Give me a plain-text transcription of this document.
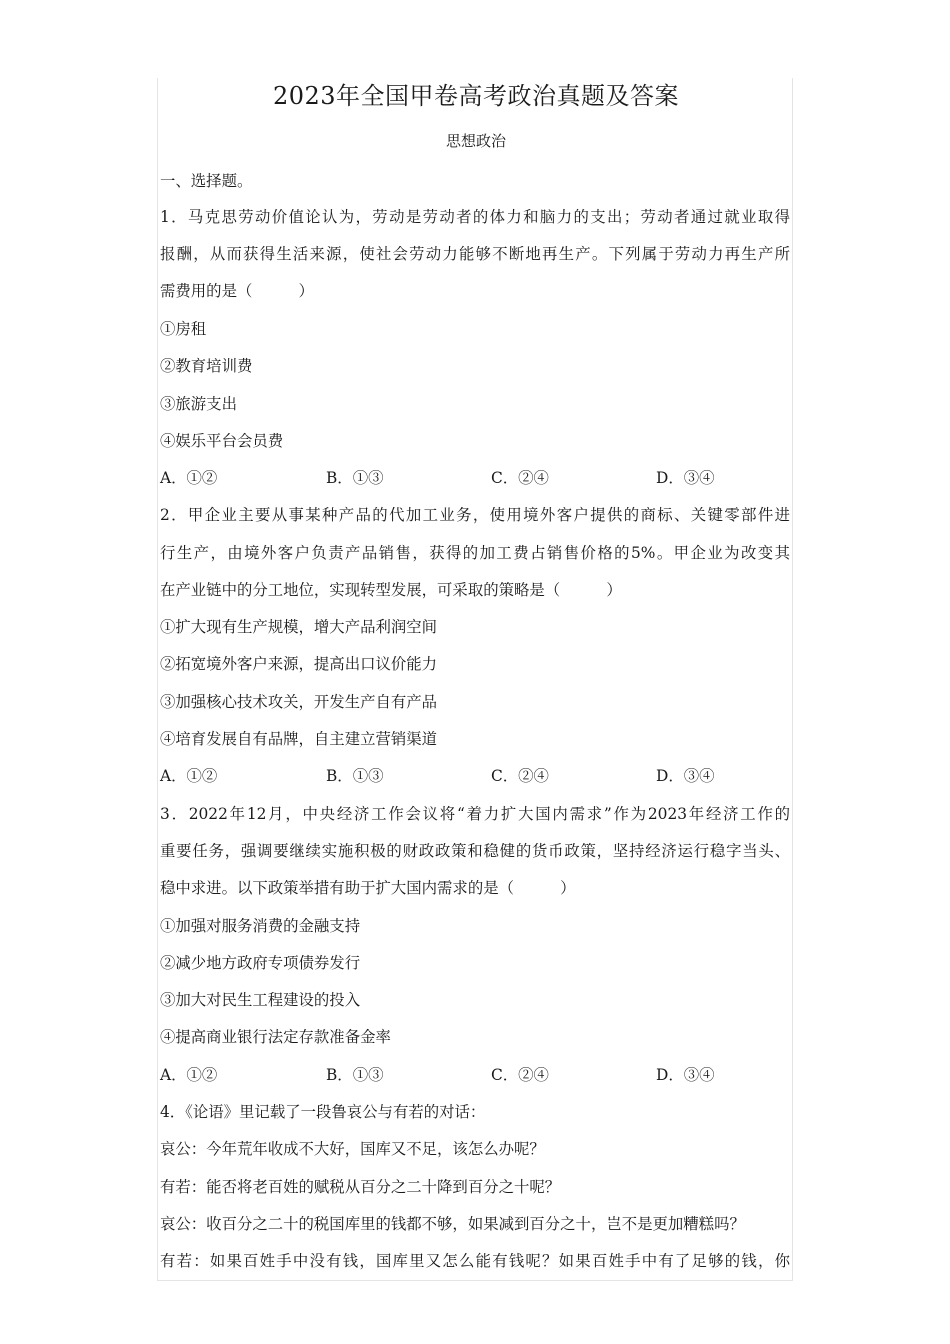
2023年全国甲卷高考政治真题及答案
思想政治
一、选择题。
1．马克思劳动价值论认为，劳动是劳动者的体力和脑力的支出；劳动者通过就业取得
报酬，从而获得生活来源，使社会劳动力能够不断地再生产。下列属于劳动力再生产所
需费用的是（　　　）
①房租
②教育培训费
③旅游支出
④娱乐平台会员费
A．①②	B．①③	C．②④	D．③④
2．甲企业主要从事某种产品的代加工业务，使用境外客户提供的商标、关键零部件进
行生产，由境外客户负责产品销售，获得的加工费占销售价格的5%。甲企业为改变其
在产业链中的分工地位，实现转型发展，可采取的策略是（　　　）
①扩大现有生产规模，增大产品利润空间
②拓宽境外客户来源，提高出口议价能力
③加强核心技术攻关，开发生产自有产品
④培育发展自有品牌，自主建立营销渠道
A．①②	B．①③	C．②④	D．③④
3．2022年12月，中央经济工作会议将“着力扩大国内需求”作为2023年经济工作的
重要任务，强调要继续实施积极的财政政策和稳健的货币政策，坚持经济运行稳字当头、
稳中求进。以下政策举措有助于扩大国内需求的是（　　　）
①加强对服务消费的金融支持
②减少地方政府专项债券发行
③加大对民生工程建设的投入
④提高商业银行法定存款准备金率
A．①②	B．①③	C．②④	D．③④
4．《论语》里记载了一段鲁哀公与有若的对话：
哀公：今年荒年收成不大好，国库又不足，该怎么办呢？
有若：能否将老百姓的赋税从百分之二十降到百分之十呢？
哀公：收百分之二十的税国库里的钱都不够，如果减到百分之十，岂不是更加糟糕吗？
有若：如果百姓手中没有钱，国库里又怎么能有钱呢？如果百姓手中有了足够的钱，你
